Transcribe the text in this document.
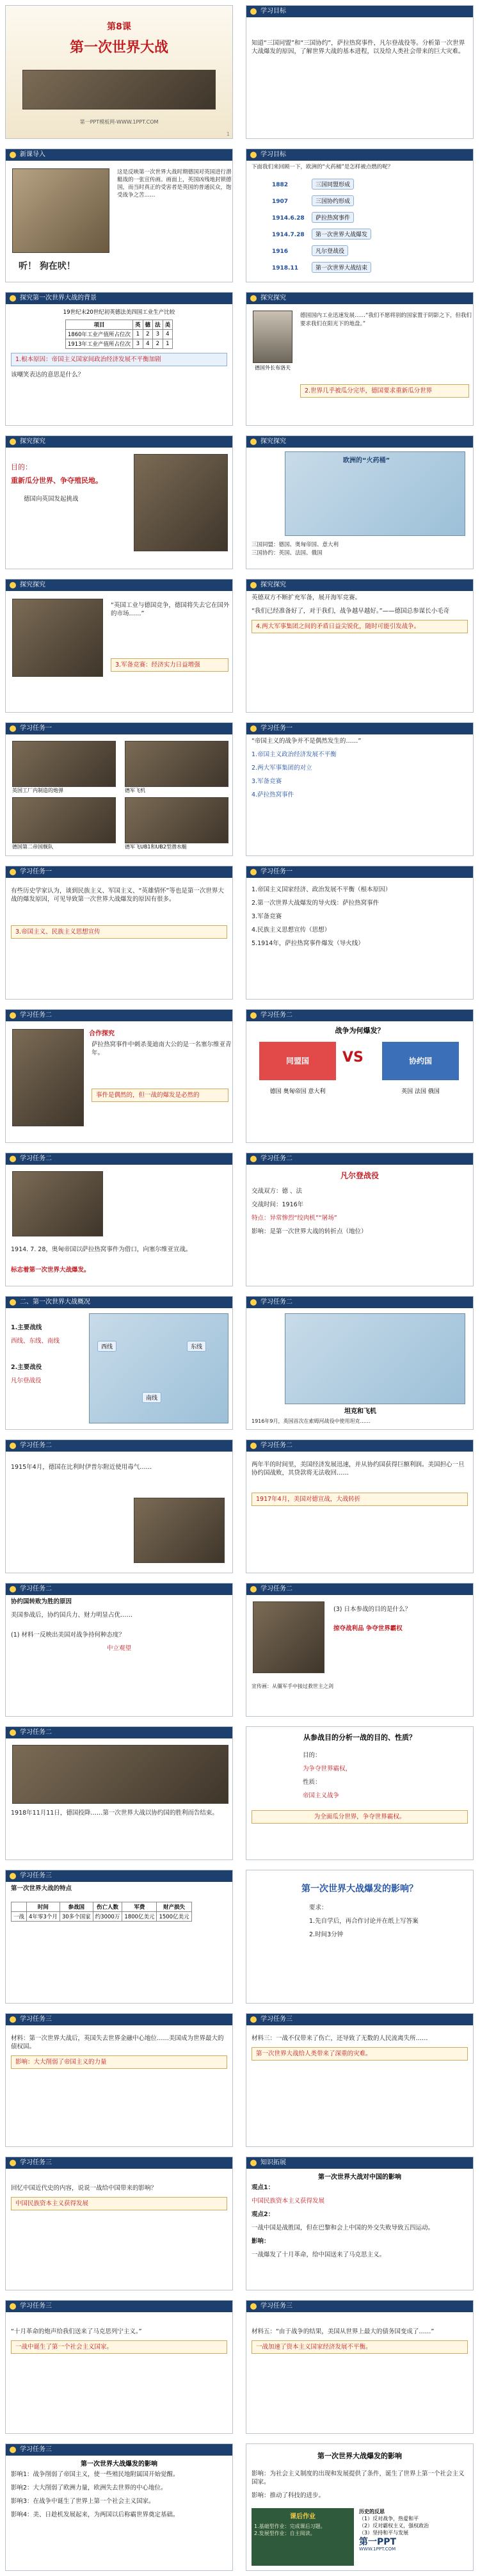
第8课
第一次世界大战
第一PPT模板网-WWW.1PPT.COM
1
学习目标
知道“三国同盟”和“三国协约”，萨拉热窝事件，凡尔登战役等。分析第一次世界大战爆发的原因，了解世界大战的基本进程，以及给人类社会带来的巨大灾难。
新课导入
这是反映第一次世界大战时期德国对英国进行潜艇战的一张宣传画。画面上，英国凶残地封锁德国，而当时真正的受害者是英国的普通民众，饱受战争之苦……
听！ 狗在吠！
学习目标
下面我们来回顾一下，欧洲的“火药桶”是怎样被点燃的呢？
1882	三国同盟形成
1907	三国协约形成
1914.6.28 萨拉热窝事件
1914.7.28 第一次世界大战爆发
1916	凡尔登战役
1918.11	第一次世界大战结束
探究第一次世界大战的背景
19世纪末20世纪初英德法美四国工业生产比较
项目	英	德	法	美
1860年工业产值所占位次	1	2	3	4
1913年工业产值所占位次	3	4	2	1
1.根本原因：帝国主义国家间政治经济发展不平衡加剧
该嘲笑表达的意思是什么？
探究探究
德国外长布洛夫
德国国内工业迅速发展……“我们不愿将别的国家置于阴影之下，但我们要求我们在阳光下的地盘。”
2.世界几乎被瓜分完毕，德国要求重新瓜分世界
探究探究
目的：
重新瓜分世界、争夺殖民地。
德国向英国发起挑战
探究探究
欧洲的“火药桶”
三国同盟：德国、奥匈帝国、意大利
三国协约：英国、法国、俄国
探究探究
“英国工业与德国竞争，德国将失去它在国外的市场……”
3.军备竞赛：经济实力日益增强
探究探究
英德双方不断扩充军备，展开海军竞赛。
“我们已经准备好了，对于我们，战争越早越好。”——德国总参谋长小毛奇
4.两大军事集团之间的矛盾日益尖锐化，随时可能引发战争。
学习任务一
英国工厂内制造的炮弹	德军飞机
德国第二帝国舰队	德军飞UB1和UB2型潜水艇
学习任务一
“帝国主义的战争并不是偶然发生的……”
1.帝国主义政治经济发展不平衡
2.两大军事集团的对立
3.军备竞赛
4.萨拉热窝事件
学习任务一
有些历史学家认为，谈到民族主义、军国主义、“英雄情怀”等也是第一次世界大战的爆发原因，可见导致第一次世界大战爆发的原因有很多。
3.帝国主义、民族主义思想宣传
学习任务一
1.帝国主义国家经济、政治发展不平衡（根本原因）
2.第一次世界大战爆发的导火线：萨拉热窝事件
3.军备竞赛
4.民族主义思想宣传（思想）
5.1914年，萨拉热窝事件爆发（导火线）
学习任务二
合作探究
萨拉热窝事件中刺杀斐迪南大公的是一名塞尔维亚青年。
事件是偶然的，但一战的爆发是必然的
学习任务二
战争为何爆发？
同盟国	VS	协约国
德国 奥匈帝国 意大利	英国 法国 俄国
学习任务二
1914. 7. 28，奥匈帝国以萨拉热窝事件为借口，向塞尔维亚宣战。
标志着第一次世界大战爆发。
学习任务二
凡尔登战役
交战双方：德 、法
交战时间：1916年
特点：异常惨烈“绞肉机”“屠场”
影响：是第一次世界大战的转折点（地位）
二、第一次世界大战概况
1.主要战线
西线、东线、南线
2.主要战役
凡尔登战役
西线	东线
南线
学习任务二
坦克和飞机
1916年9月，英国首次在索姆河战役中使用坦克……
学习任务二
1915年4月，德国在比利时伊普尔附近使用毒气……
学习任务二
两年半的时间里，美国经济发展迅速，并从协约国获得巨额利润。美国担心一旦协约国战败，其贷款将无法收回……
1917年4月，美国对德宣战，大战转折
学习任务二
协约国转败为胜的原因
美国参战后，协约国兵力、财力明显占优……
(1) 材料一反映出美国对战争持何种态度？
中立观望
学习任务二
(3) 日本参战的目的是什么？
掠夺战利品 争夺世界霸权
宣传画：从僵军手中接过救世主之剑
学习任务二
1918年11月11日，德国投降……第一次世界大战以协约国的胜利而告结束。
从参战目的分析一战的目的、性质？
目的：
为争夺世界霸权，
性质：
帝国主义战争
为全面瓜分世界，争夺世界霸权。
学习任务三
第一次世界大战的特点
	时间	参战国	伤亡人数	军费	财产损失
一战	4年零3个月	30多个国家	约3000万	1800亿美元	1500亿美元
第一次世界大战爆发的影响？
要求：
1.先自学后，再合作讨论并在纸上写答案
2.时间3分钟
学习任务三
材料：第一次世界大战后，英国失去世界金融中心地位……美国成为世界最大的债权国。
影响：大大削弱了帝国主义的力量
学习任务三
材料三：一战不仅带来了伤亡，还导致了无数的人民流离失所……
第一次世界大战给人类带来了深重的灾难。
学习任务三
回忆中国近代史的内容，说说一战给中国带来的影响？
中国民族资本主义获得发展
知识拓展
第一次世界大战对中国的影响
观点1：
中国民族资本主义获得发展
观点2：
一战中国是战胜国，但在巴黎和会上中国的外交失败导致五四运动。
影响：
一战爆发了十月革命，给中国送来了马克思主义。
学习任务三
“十月革命的炮声给我们送来了马克思列宁主义。”
一战中诞生了第一个社会主义国家。
学习任务三
材料五：“由于战争的结果，美国从世界上最大的债务国变成了……”
一战加速了资本主义国家经济发展不平衡。
学习任务三
第一次世界大战爆发的影响
影响1：战争削弱了帝国主义，使一些殖民地附属国开始觉醒。
影响2：大大削弱了欧洲力量，欧洲失去世界的中心地位。
影响3：在战争中诞生了世界上第一个社会主义国家。
影响4：美、日趁机发展起来，为两国以后称霸世界奠定基础。
第一次世界大战爆发的影响
影响：为社会主义制度的出现和发展提供了条件，诞生了世界上第一个社会主义国家。
影响：推动了科技的进步。
课后作业
1.基础型作业：完成课后习题。
2.发展型作业：自主阅读。
历史的反思
（1）反对战争，热爱和平
（2）反对霸权主义，强权政治
（3）坚持和平与发展
第一PPT
WWW.1PPT.COM
